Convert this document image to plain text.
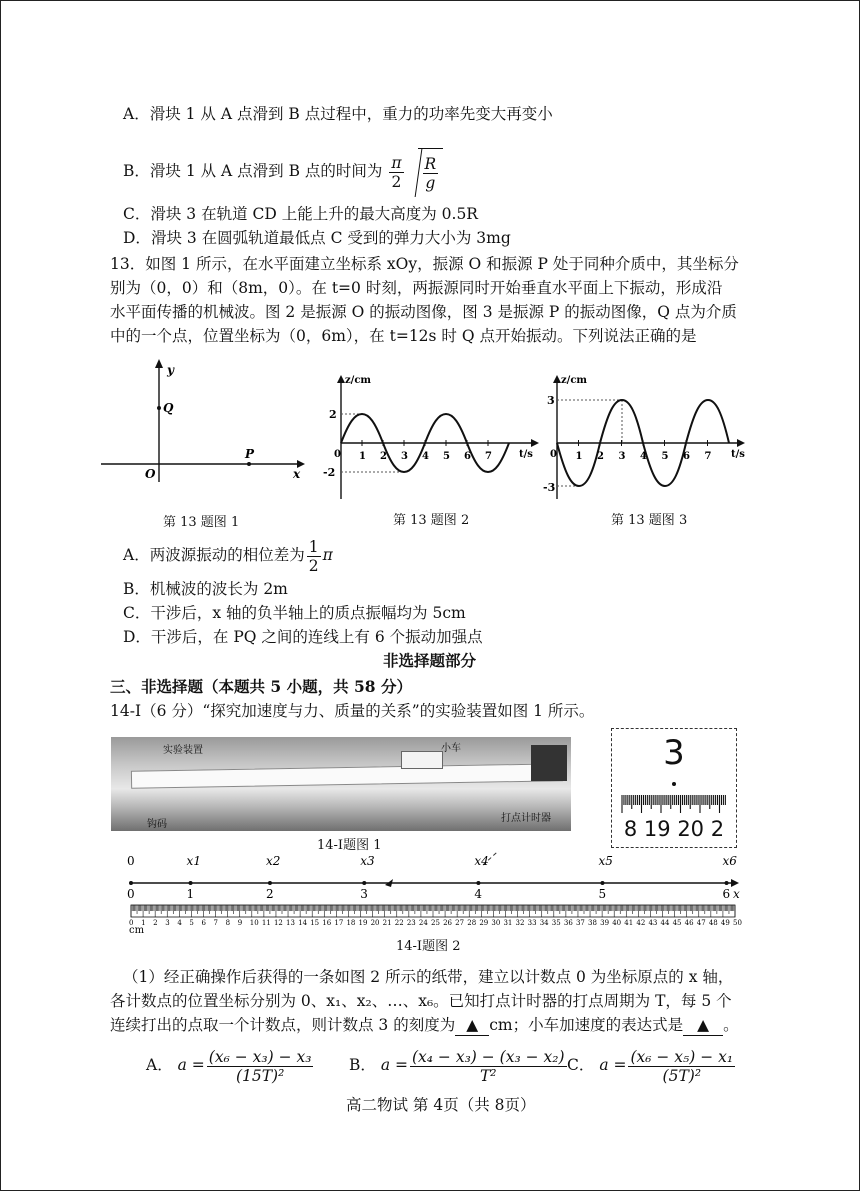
A．滑块 1 从 A 点滑到 B 点过程中，重力的功率先变大再变小
B．滑块 1 从 A 点滑到 B 点的时间为 $\frac{\pi}{2} \frac{R}{g}$
C．滑块 3 在轨道 CD 上能上升的最大高度为 0.5R
D．滑块 3 在圆弧轨道最低点 C 受到的弹力大小为 3mg
13．如图 1 所示，在水平面建立坐标系 xOy，振源 O 和振源 P 处于同种介质中，其坐标分
别为（0，0）和（8m，0）。在 t=0 时刻，两振源同时开始垂直水平面上下振动，形成沿
水平面传播的机械波。图 2 是振源 O 的振动图像，图 3 是振源 P 的振动图像，Q 点为介质
中的一个点，位置坐标为（0，6m），在 t=12s 时 Q 点开始振动。下列说法正确的是
y
x
O
Q
P
第 13 题图 1
z/cm
t/s
2
-2
0 1 2 3 4 5 6 7
第 13 题图 2
z/cm
t/s
3
-3
0 1 2 3 4 5 6 7
第 13 题图 3
A．两波源振动的相位差为 $\frac{1}{2}$ π
B．机械波的波长为 2m
C．干涉后，x 轴的负半轴上的质点振幅均为 5cm
D．干涉后，在 PQ 之间的连线上有 6 个振动加强点
非选择题部分
三、非选择题（本题共 5 小题，共 58 分）
14-I（6 分）“探究加速度与力、质量的关系”的实验装置如图 1 所示。
实验装置	小车
钩码
打点计时器
14-I题图 1
3
8 19 20 2
0
0
x1
1
x2
2
x3
3
x4
4
x5
5
x6
6 x
0 1 2 3 4 5 6 7 8 9 10 11 12 13 14 15 16 17 18 19 20 21 22 23 24 25 26 27 28 29 30 31 32 33 34 35 36 37 38 39 40 41 42 43 44 45 46 47 48 49 50
cm
14-I题图 2
（1）经正确操作后获得的一条如图 2 所示的纸带，建立以计数点 0 为坐标原点的 x 轴，
各计数点的位置坐标分别为 0、x₁、x₂、…、x₆。已知打点计时器的打点周期为 T，每 5 个
连续打出的点取一个计数点，则计数点 3 的刻度为 ▲ cm；小车加速度的表达式是 ▲ 。
A． $a = \frac{\text{(x₆ − x₃) − x₃}}{\text{(15T)²}}$ B． $a = \frac{\text{(x₄ − x₃) − (x₃ − x₂)}}{\text{T²}}$ C． $a = \frac{\text{(x₆ − x₅) − x₁}}{\text{(5T)²}}$
高二物试 第 4页（共 8页）
